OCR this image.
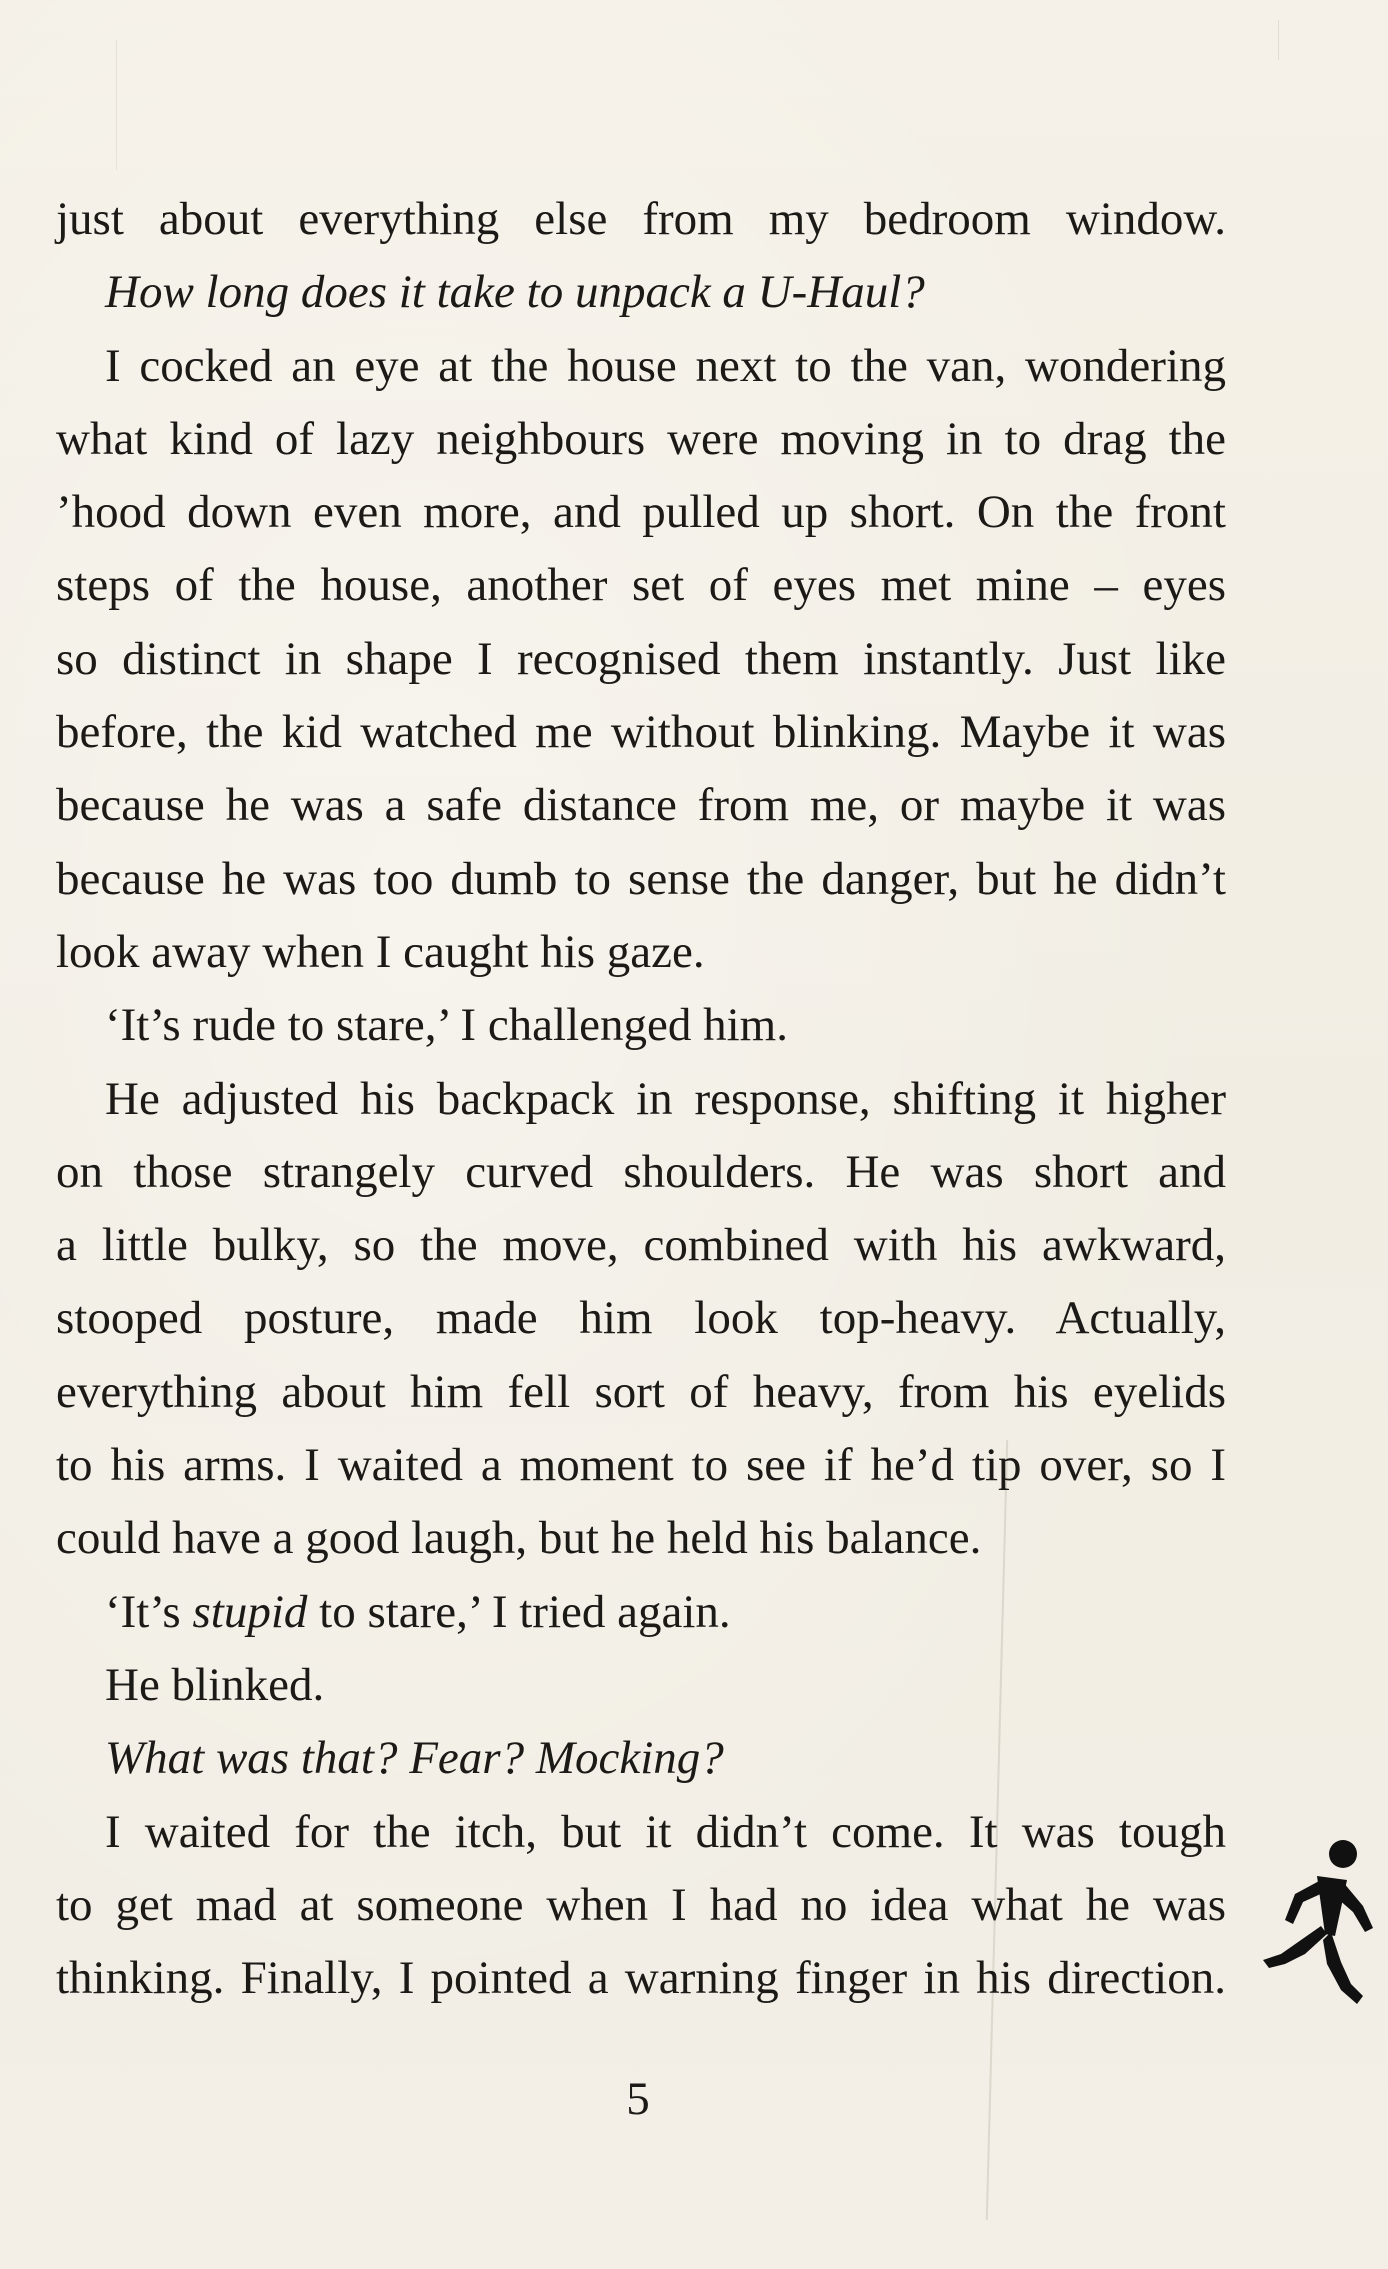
just about everything else from my bedroom window.
How long does it take to unpack a U-Haul?
I cocked an eye at the house next to the van, wondering
what kind of lazy neighbours were moving in to drag the
’hood down even more, and pulled up short. On the front
steps of the house, another set of eyes met mine – eyes
so distinct in shape I recognised them instantly. Just like
before, the kid watched me without blinking. Maybe it was
because he was a safe distance from me, or maybe it was
because he was too dumb to sense the danger, but he didn’t
look away when I caught his gaze.
‘It’s rude to stare,’ I challenged him.
He adjusted his backpack in response, shifting it higher
on those strangely curved shoulders. He was short and
a little bulky, so the move, combined with his awkward,
stooped posture, made him look top-heavy. Actually,
everything about him fell sort of heavy, from his eyelids
to his arms. I waited a moment to see if he’d tip over, so I
could have a good laugh, but he held his balance.
‘It’s stupid to stare,’ I tried again.
He blinked.
What was that? Fear? Mocking?
I waited for the itch, but it didn’t come. It was tough
to get mad at someone when I had no idea what he was
thinking. Finally, I pointed a warning finger in his direction.
5
